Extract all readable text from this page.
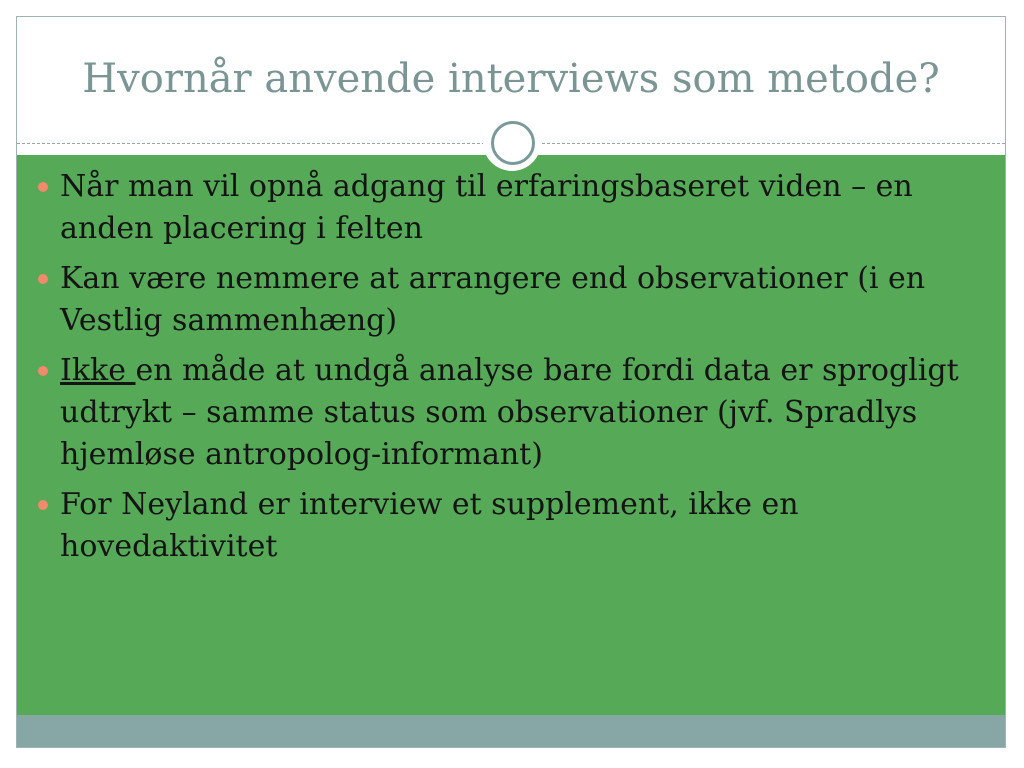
Hvornår anvende interviews som metode?
Når man vil opnå adgang til erfaringsbaseret viden – en anden placering i felten
Kan være nemmere at arrangere end observationer (i en Vestlig sammenhæng)
Ikke en måde at undgå analyse bare fordi data er sprogligt udtrykt – samme status som observationer (jvf. Spradlys hjemløse antropolog-informant)
For Neyland er interview et supplement, ikke en hovedaktivitet
